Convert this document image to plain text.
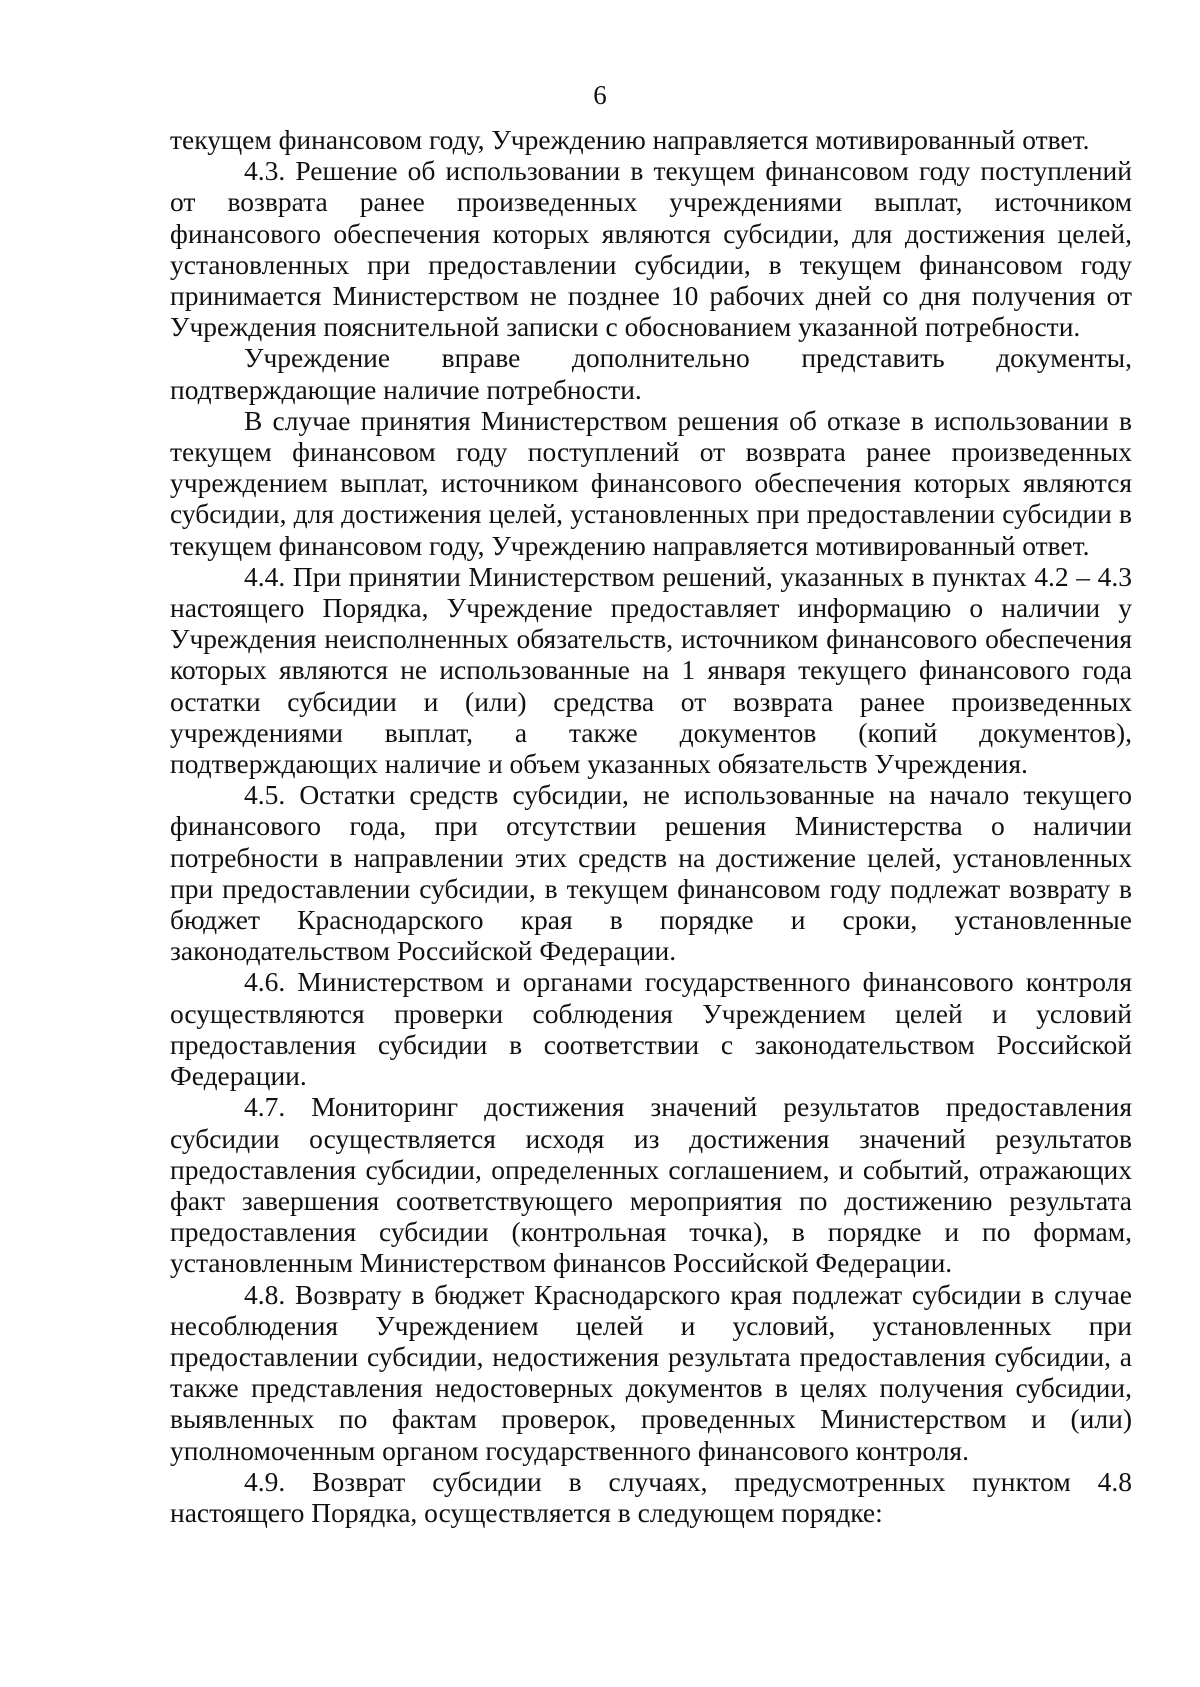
6

текущем финансовом году, Учреждению направляется мотивированный ответ.

4.3. Решение об использовании в текущем финансовом году поступлений от возврата ранее произведенных учреждениями выплат, источником финансового обеспечения которых являются субсидии, для достижения целей, установленных при предоставлении субсидии, в текущем финансовом году принимается Министерством не позднее 10 рабочих дней со дня получения от Учреждения пояснительной записки с обоснованием указанной потребности.

Учреждение вправе дополнительно представить документы, подтверждающие наличие потребности.

В случае принятия Министерством решения об отказе в использовании в текущем финансовом году поступлений от возврата ранее произведенных учреждением выплат, источником финансового обеспечения которых являются субсидии, для достижения целей, установленных при предоставлении субсидии в текущем финансовом году, Учреждению направляется мотивированный ответ.

4.4. При принятии Министерством решений, указанных в пунктах 4.2 – 4.3 настоящего Порядка, Учреждение предоставляет информацию о наличии у Учреждения неисполненных обязательств, источником финансового обеспечения которых являются не использованные на 1 января текущего финансового года остатки субсидии и (или) средства от возврата ранее произведенных учреждениями выплат, а также документов (копий документов), подтверждающих наличие и объем указанных обязательств Учреждения.

4.5. Остатки средств субсидии, не использованные на начало текущего финансового года, при отсутствии решения Министерства о наличии потребности в направлении этих средств на достижение целей, установленных при предоставлении субсидии, в текущем финансовом году подлежат возврату в бюджет Краснодарского края в порядке и сроки, установленные законодательством Российской Федерации.

4.6. Министерством и органами государственного финансового контроля осуществляются проверки соблюдения Учреждением целей и условий предоставления субсидии в соответствии с законодательством Российской Федерации.

4.7. Мониторинг достижения значений результатов предоставления субсидии осуществляется исходя из достижения значений результатов предоставления субсидии, определенных соглашением, и событий, отражающих факт завершения соответствующего мероприятия по достижению результата предоставления субсидии (контрольная точка), в порядке и по формам, установленным Министерством финансов Российской Федерации.

4.8. Возврату в бюджет Краснодарского края подлежат субсидии в случае несоблюдения Учреждением целей и условий, установленных при предоставлении субсидии, недостижения результата предоставления субсидии, а также представления недостоверных документов в целях получения субсидии, выявленных по фактам проверок, проведенных Министерством и (или) уполномоченным органом государственного финансового контроля.

4.9. Возврат субсидии в случаях, предусмотренных пунктом 4.8 настоящего Порядка, осуществляется в следующем порядке:
